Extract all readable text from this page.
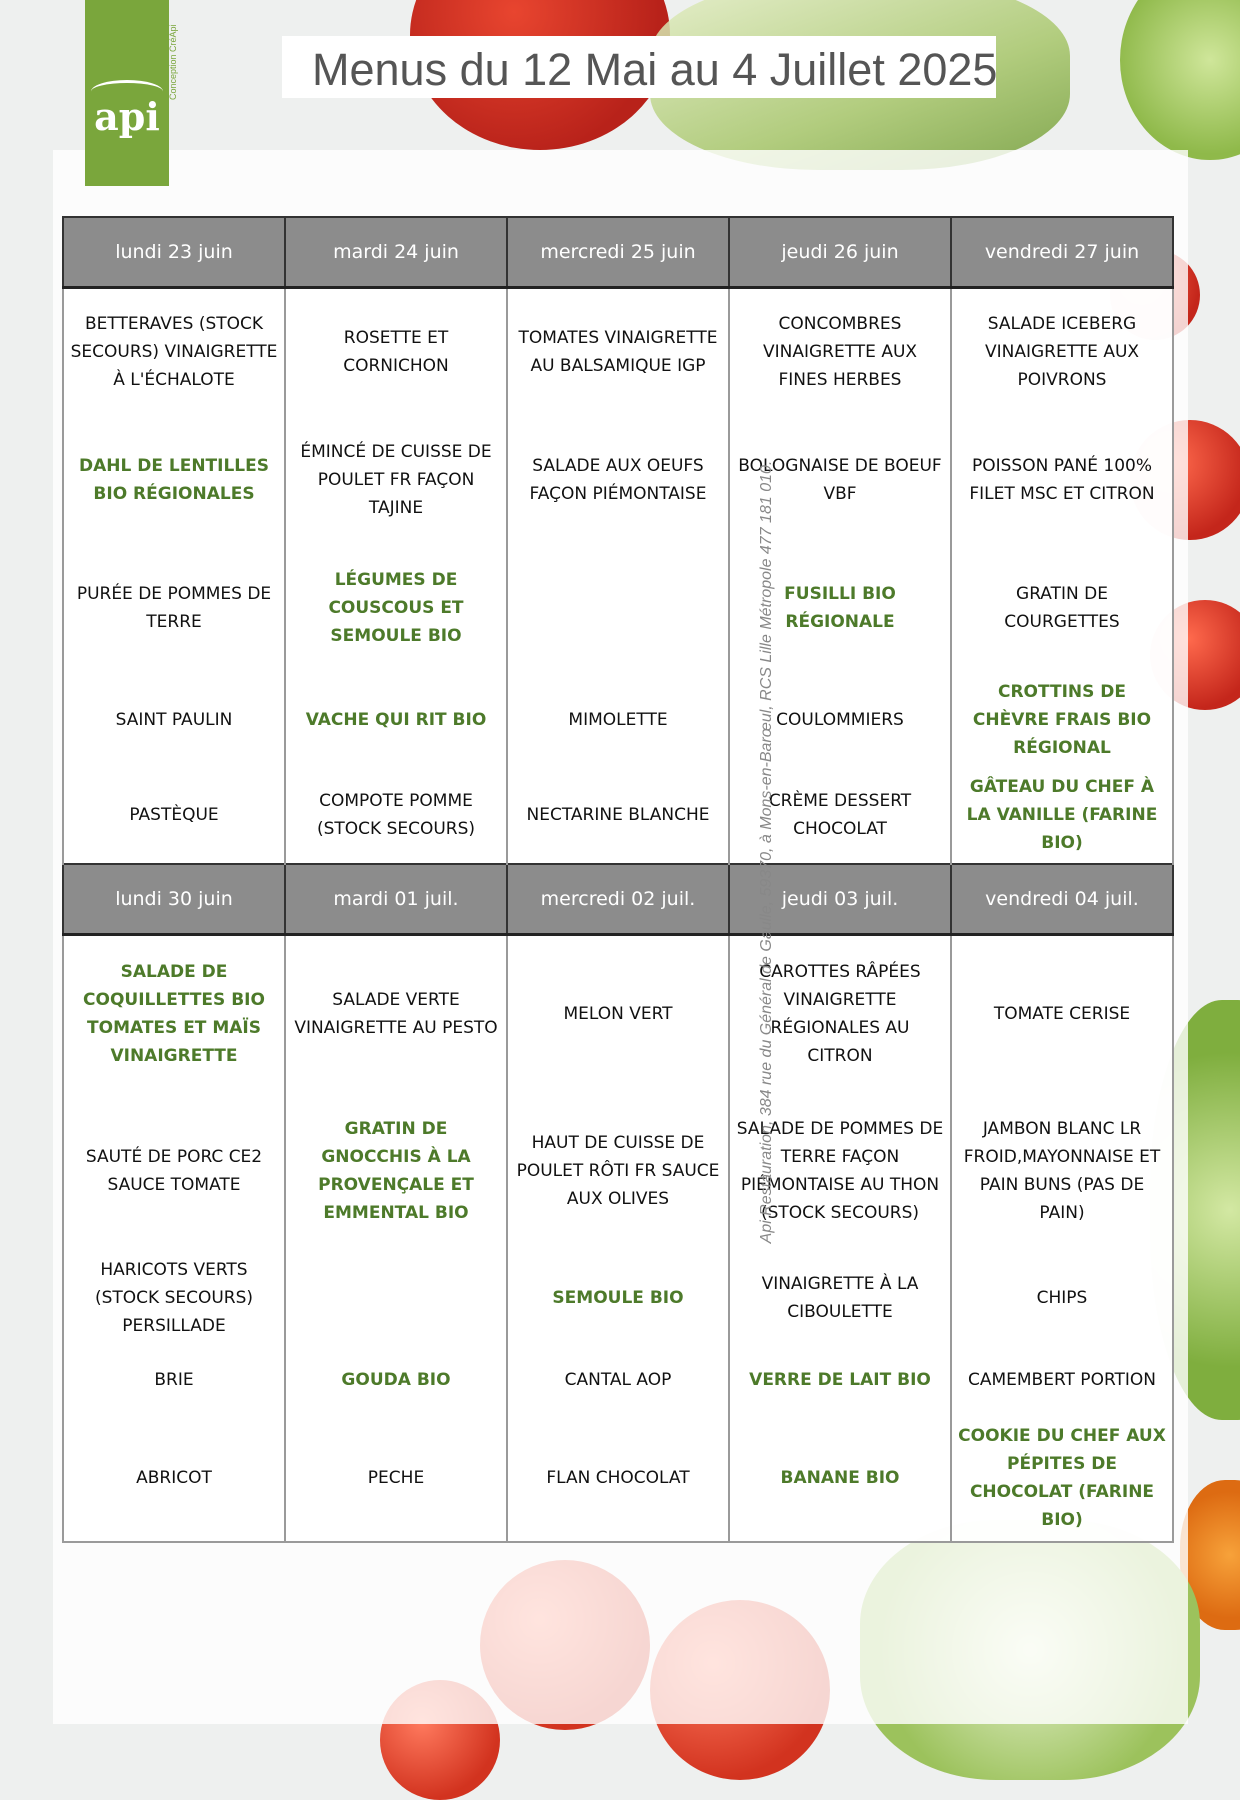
api
Conception CréApi	Menus du 12 Mai au 4 Juillet 2025
lundi 23 juin	mardi 24 juin	mercredi 25 juin	jeudi 26 juin	vendredi 27 juin
BETTERAVES (STOCK SECOURS) VINAIGRETTE À L'ÉCHALOTE	ROSETTE ET CORNICHON	TOMATES VINAIGRETTE AU BALSAMIQUE IGP	CONCOMBRES VINAIGRETTE AUX FINES HERBES	SALADE ICEBERG VINAIGRETTE AUX POIVRONS
DAHL DE LENTILLES BIO RÉGIONALES	ÉMINCÉ DE CUISSE DE POULET FR FAÇON TAJINE	SALADE AUX OEUFS FAÇON PIÉMONTAISE	BOLOGNAISE DE BOEUF VBF	POISSON PANÉ 100% FILET MSC ET CITRON
PURÉE DE POMMES DE TERRE	LÉGUMES DE COUSCOUS ET SEMOULE BIO		FUSILLI BIO RÉGIONALE	GRATIN DE COURGETTES
SAINT PAULIN	VACHE QUI RIT BIO	MIMOLETTE	COULOMMIERS	CROTTINS DE CHÈVRE FRAIS BIO RÉGIONAL
PASTÈQUE	COMPOTE POMME (STOCK SECOURS)	NECTARINE BLANCHE	CRÈME DESSERT CHOCOLAT	GÂTEAU DU CHEF À LA VANILLE (FARINE BIO)
lundi 30 juin	mardi 01 juil.	mercredi 02 juil.	jeudi 03 juil.	vendredi 04 juil.
SALADE DE COQUILLETTES BIO TOMATES ET MAÏS VINAIGRETTE	SALADE VERTE VINAIGRETTE AU PESTO	MELON VERT	CAROTTES RÂPÉES VINAIGRETTE RÉGIONALES AU CITRON	TOMATE CERISE
SAUTÉ DE PORC CE2 SAUCE TOMATE	GRATIN DE GNOCCHIS À LA PROVENÇALE ET EMMENTAL BIO	HAUT DE CUISSE DE POULET RÔTI FR SAUCE AUX OLIVES	SALADE DE POMMES DE TERRE FAÇON PIÉMONTAISE AU THON (STOCK SECOURS)	JAMBON BLANC LR FROID,MAYONNAISE ET PAIN BUNS (PAS DE PAIN)
HARICOTS VERTS (STOCK SECOURS) PERSILLADE		SEMOULE BIO	VINAIGRETTE À LA CIBOULETTE	CHIPS
BRIE	GOUDA BIO	CANTAL AOP	VERRE DE LAIT BIO	CAMEMBERT PORTION
ABRICOT	PECHE	FLAN CHOCOLAT	BANANE BIO	COOKIE DU CHEF AUX PÉPITES DE CHOCOLAT (FARINE BIO)
Api Restauration, 384 rue du Général de Gaulle, 59370, à Mons-en-Barœul, RCS Lille Métropole 477 181 010.
